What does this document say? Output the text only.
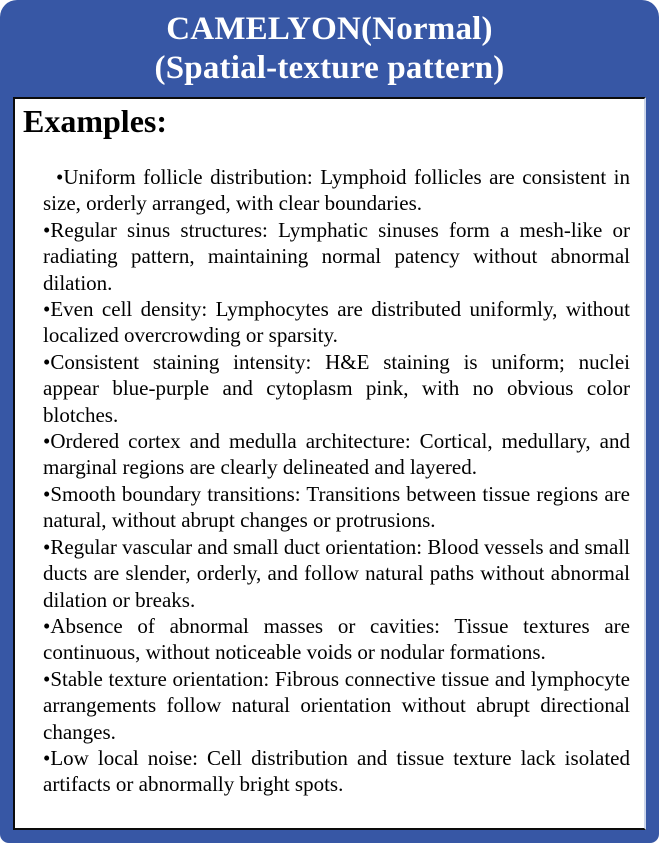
CAMELYON(Normal)
(Spatial-texture pattern)
Examples:

•Uniform follicle distribution: Lymphoid follicles are consistent in size, orderly arranged, with clear boundaries.

•Regular sinus structures: Lymphatic sinuses form a mesh-like or radiating pattern, maintaining normal patency without abnormal dilation.

•Even cell density: Lymphocytes are distributed uniformly, without localized overcrowding or sparsity.

•Consistent staining intensity: H&E staining is uniform; nuclei appear blue-purple and cytoplasm pink, with no obvious color blotches.

•Ordered cortex and medulla architecture: Cortical, medullary, and marginal regions are clearly delineated and layered.

•Smooth boundary transitions: Transitions between tissue regions are natural, without abrupt changes or protrusions.

•Regular vascular and small duct orientation: Blood vessels and small ducts are slender, orderly, and follow natural paths without abnormal dilation or breaks.

•Absence of abnormal masses or cavities: Tissue textures are continuous, without noticeable voids or nodular formations.

•Stable texture orientation: Fibrous connective tissue and lymphocyte arrangements follow natural orientation without abrupt directional changes.

•Low local noise: Cell distribution and tissue texture lack isolated artifacts or abnormally bright spots.
